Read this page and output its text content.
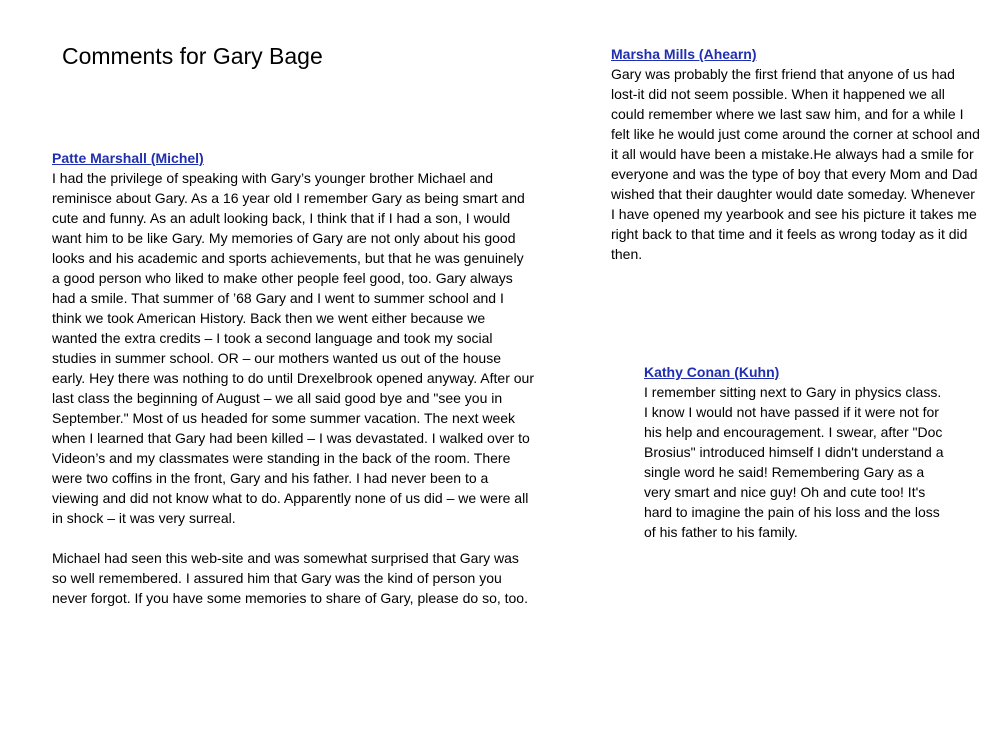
Comments for Gary Bage
Patte Marshall (Michel)

I had the privilege of speaking with Gary’s younger brother Michael and reminisce about Gary. As a 16 year old I remember Gary as being smart and cute and funny. As an adult looking back, I think that if I had a son, I would want him to be like Gary. My memories of Gary are not only about his good looks and his academic and sports achievements, but that he was genuinely a good person who liked to make other people feel good, too. Gary always had a smile. That summer of ’68 Gary and I went to summer school and I think we took American History. Back then we went either because we wanted the extra credits – I took a second language and took my social studies in summer school. OR – our mothers wanted us out of the house early. Hey there was nothing to do until Drexelbrook opened anyway. After our last class the beginning of August – we all said good bye and "see you in September." Most of us headed for some summer vacation. The next week when I learned that Gary had been killed – I was devastated. I walked over to Videon’s and my classmates were standing in the back of the room. There were two coffins in the front, Gary and his father. I had never been to a viewing and did not know what to do. Apparently none of us did – we were all in shock – it was very surreal.

Michael had seen this web-site and was somewhat surprised that Gary was so well remembered. I assured him that Gary was the kind of person you never forgot. If you have some memories to share of Gary, please do so, too.

Marsha Mills (Ahearn)

Gary was probably the first friend that anyone of us had lost-it did not seem possible. When it happened we all could remember where we last saw him, and for a while I felt like he would just come around the corner at school and it all would have been a mistake.He always had a smile for everyone and was the type of boy that every Mom and Dad wished that their daughter would date someday. Whenever I have opened my yearbook and see his picture it takes me right back to that time and it feels as wrong today as it did then.

Kathy Conan (Kuhn)

I remember sitting next to Gary in physics class. I know I would not have passed if it were not for his help and encouragement. I swear, after "Doc Brosius" introduced himself I didn't understand a single word he said! Remembering Gary as a very smart and nice guy! Oh and cute too! It's hard to imagine the pain of his loss and the loss of his father to his family.
